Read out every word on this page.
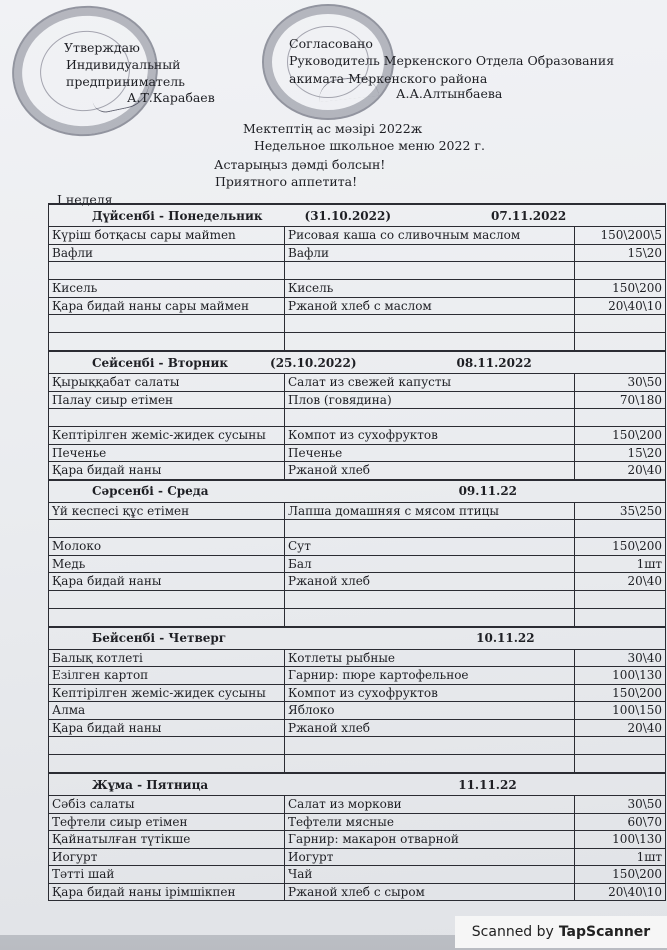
Утверждаю
Индивидуальный
предприниматель
А.Т.Карабаев
Согласовано
Руководитель Меркенского Отдела Образования
акимата Меркенского района
А.А.Алтынбаева
Мектептің ас мәзірі 2022ж
Недельное школьное меню 2022 г.
Астарыңыз дәмді болсын!
Приятного аппетита!
I неделя
Дүйсенбі - Понедельник (31.10.2022) 07.11.2022		
Күріш ботқасы сары майmen	Рисовая каша со сливочным маслом	150\200\5
Вафли	Вафли	15\20

Кисель	Кисель	150\200
Қара бидай наны сары маймен	Ржаной хлеб с маслом	20\40\10

Сейсенбі - Вторник (25.10.2022) 08.11.2022		
Қырыққабат салаты	Салат из свежей капусты	30\50
Палау сиыр етімен	Плов (говядина)	70\180

Кептірілген жеміс-жидек сусыны	Компот из сухофруктов	150\200
Печенье	Печенье	15\20
Қара бидай наны	Ржаной хлеб	20\40
Сәрсенбі - Среда 09.11.22		
Үй кеспесі құс етімен	Лапша домашняя с мясом птицы	35\250

Молоко	Сут	150\200
Медь	Бал	1шт
Қара бидай наны	Ржаной хлеб	20\40

Бейсенбі - Четверг 10.11.22		
Балық котлеті	Котлеты рыбные	30\40
Езілген картоп	Гарнир: пюре картофельное	100\130
Кептірілген жеміс-жидек сусыны	Компот из сухофруктов	150\200
Алма	Яблоко	100\150
Қара бидай наны	Ржаной хлеб	20\40

Жұма - Пятница 11.11.22		
Сәбіз салаты	Салат из моркови	30\50
Тефтели сиыр етімен	Тефтели мясные	60\70
Қайнатылған түтікше	Гарнир: макарон отварной	100\130
Иогурт	Иогурт	1шт
Тәтті шай	Чай	150\200
Қара бидай наны ірімшікпен	Ржаной хлеб с сыром	20\40\10
Scanned by TapScanner
